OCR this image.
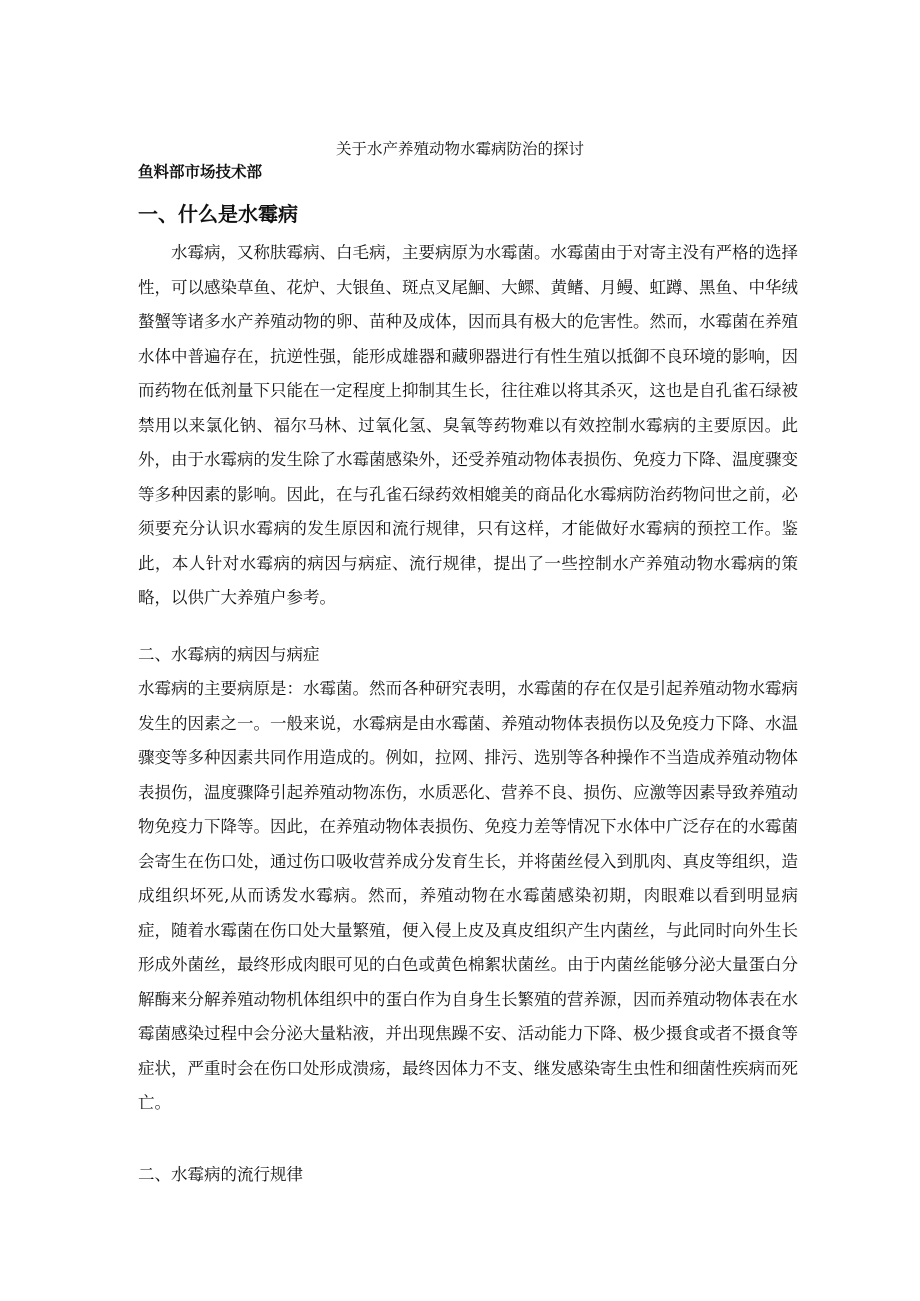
关于水产养殖动物水霉病防治的探讨
鱼料部市场技术部
一、什么是水霉病

水霉病，又称肤霉病、白毛病，主要病原为水霉菌。水霉菌由于对寄主没有严格的选择性，可以感染草鱼、花炉、大银鱼、斑点叉尾鮰、大鳏、黄鳍、月鳗、虹蹲、黑鱼、中华绒螯蟹等诸多水产养殖动物的卵、苗种及成体，因而具有极大的危害性。然而，水霉菌在养殖水体中普遍存在，抗逆性强，能形成雄器和藏卵器进行有性生殖以抵御不良环境的影响，因而药物在低剂量下只能在一定程度上抑制其生长，往往难以将其杀灭，这也是自孔雀石绿被禁用以来氯化钠、福尔马林、过氧化氢、臭氧等药物难以有效控制水霉病的主要原因。此外，由于水霉病的发生除了水霉菌感染外，还受养殖动物体表损伤、免疫力下降、温度骤变等多种因素的影响。因此，在与孔雀石绿药效相媲美的商品化水霉病防治药物问世之前，必须要充分认识水霉病的发生原因和流行规律，只有这样，才能做好水霉病的预控工作。鉴此，本人针对水霉病的病因与病症、流行规律，提出了一些控制水产养殖动物水霉病的策略，以供广大养殖户参考。

二、水霉病的病因与病症

水霉病的主要病原是：水霉菌。然而各种研究表明，水霉菌的存在仅是引起养殖动物水霉病发生的因素之一。一般来说，水霉病是由水霉菌、养殖动物体表损伤以及免疫力下降、水温骤变等多种因素共同作用造成的。例如，拉网、排污、选别等各种操作不当造成养殖动物体表损伤，温度骤降引起养殖动物冻伤，水质恶化、营养不良、损伤、应激等因素导致养殖动物免疫力下降等。因此，在养殖动物体表损伤、免疫力差等情况下水体中广泛存在的水霉菌会寄生在伤口处，通过伤口吸收营养成分发育生长，并将菌丝侵入到肌肉、真皮等组织，造成组织坏死,从而诱发水霉病。然而，养殖动物在水霉菌感染初期，肉眼难以看到明显病症，随着水霉菌在伤口处大量繁殖，便入侵上皮及真皮组织产生内菌丝，与此同时向外生长形成外菌丝，最终形成肉眼可见的白色或黄色棉絮状菌丝。由于内菌丝能够分泌大量蛋白分解酶来分解养殖动物机体组织中的蛋白作为自身生长繁殖的营养源，因而养殖动物体表在水霉菌感染过程中会分泌大量粘液，并出现焦躁不安、活动能力下降、极少摄食或者不摄食等症状，严重时会在伤口处形成溃疡，最终因体力不支、继发感染寄生虫性和细菌性疾病而死亡。

二、水霉病的流行规律
